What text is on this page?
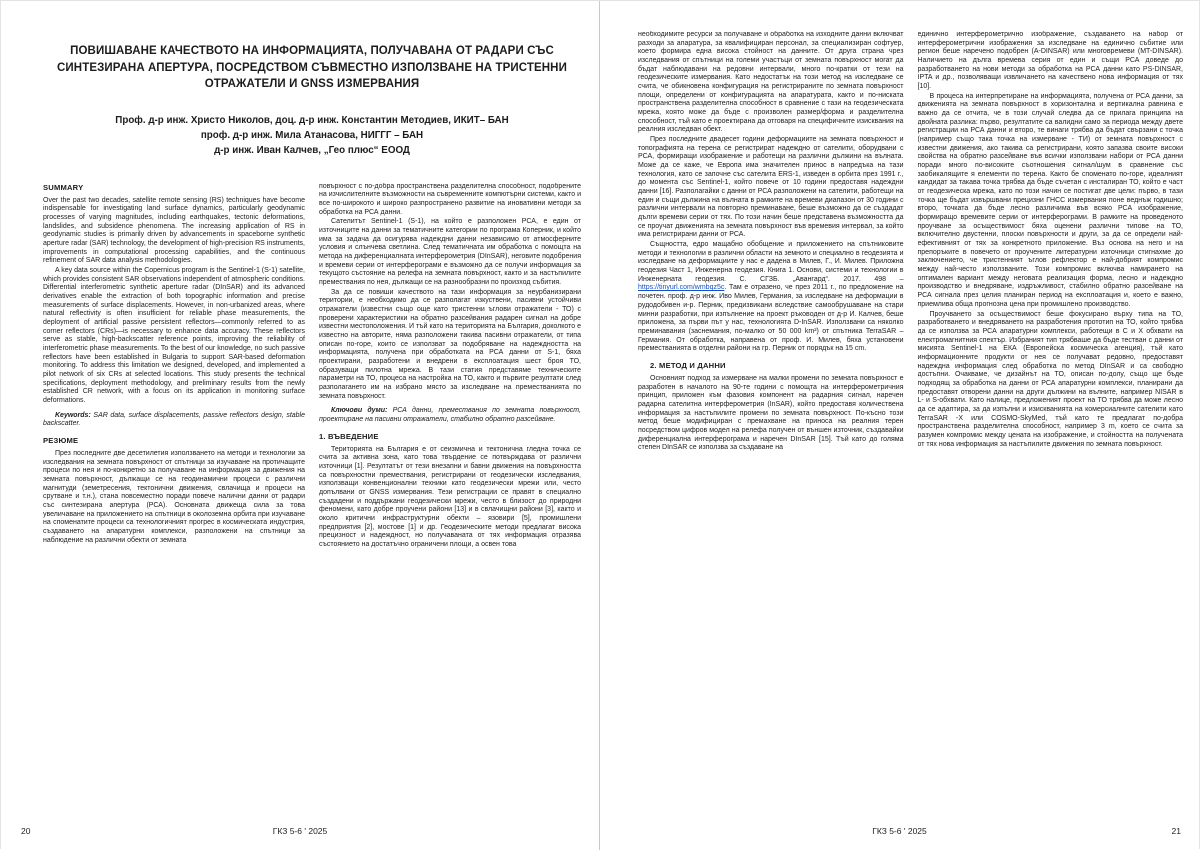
ПОВИШАВАНЕ КАЧЕСТВОТО НА ИНФОРМАЦИЯТА, ПОЛУЧАВАНА ОТ РАДАРИ СЪС СИНТЕЗИРАНА АПЕРТУРА, ПОСРЕДСТВОМ СЪВМЕСТНО ИЗПОЛЗВАНЕ НА ТРИСТЕННИ ОТРАЖАТЕЛИ И GNSS ИЗМЕРВАНИЯ
Проф. д-р инж. Христо Николов, доц. д-р инж. Константин Методиев, ИКИТ– БАН
проф. д-р инж. Мила Атанасова, НИГГГ – БАН
д-р инж. Иван Калчев, „Гео плюс“ ЕООД
SUMMARY

Over the past two decades, satellite remote sensing (RS) techniques have become indispensable for investigating land surface dynamics, particularly geodynamic processes of varying magnitudes, including earthquakes, tectonic deformations, landslides, and subsidence phenomena. The increasing application of RS in geodynamic studies is primarily driven by advancements in spaceborne synthetic aperture radar (SAR) technology, the development of high-precision RS instruments, improvements in computational processing capabilities, and the continuous refinement of SAR data analysis methodologies.

A key data source within the Copernicus program is the Sentinel-1 (S-1) satellite, which provides consistent SAR observations independent of atmospheric conditions. Differential interferometric synthetic aperture radar (DInSAR) and its advanced derivatives enable the extraction of both topographic information and precise measurements of surface displacements. However, in non-urbanized areas, where natural reflectivity is often insufficient for reliable phase measurements, the deployment of artificial passive persistent reflectors—commonly referred to as corner reflectors (CRs)—is necessary to enhance data accuracy. These reflectors serve as stable, high-backscatter reference points, improving the reliability of interferometric phase measurements. To the best of our knowledge, no such passive reflectors have been established in Bulgaria to support SAR-based deformation monitoring. To address this limitation we designed, developed, and implemented a pilot network of six CRs at selected locations. This study presents the technical specifications, deployment methodology, and preliminary results from the newly established CR network, with a focus on its application in monitoring surface deformations.

Keywords: SAR data, surface displacements, passive reflectors design, stable backscatter.

РЕЗЮМЕ

През последните две десетилетия използването на методи и технологии за изследвания на земната повърхност от спътници за изучаване на протичащите процеси по нея и по-конкретно за получаване на информация за движения на земната повърхност, дължащи се на геодинамични процеси с различни магнитуди (земетресения, тектонични движения, свлачища и процеси на срутване и т.н.), стана повсеместно поради повече налични данни от радари със синтезирана апертура (РСА). Основната движеща сила за това увеличаване на приложението на спътници в околоземна орбита при изучаване на споменатите процеси са технологичният прогрес в космическата индустрия, създаването на апаратурни комплекси, разположени на спътници за наблюдение на различни обекти от земната

повърхност с по-добра пространствена разделителна способност, подобрените на изчислителните възможности на съвременните компютърни системи, както и все по-широкото и широко разпространено развитие на иновативни методи за обработка на РСА данни.

Сателитът Sentinel-1 (S-1), на който е разположен РСА, е един от източниците на данни за тематичните категории по програма Коперник, и който има за задача да осигурява надеждни данни независимо от атмосферните условия и слънчева светлина. След тематичната им обработка с помощта на метода на диференциалната интерферометрия (DInSAR), неговите подобрения и времеви серии от интерферограми е възможно да се получи информация за текущото състояние на релефа на земната повърхност, както и за настъпилите премествания по нея, дължащи се на разнообразни по произход събития.

За да се повиши качеството на тази информация за неурбанизирани територии, е необходимо да се разполагат изкуствени, пасивни устойчиви отражатели (известни също още като тристенни ъглови отражатели - ТО) с проверени характеристики на обратно разсейвания радарен сигнал на добре известни местоположения. И тъй като на територията на България, доколкото е известно на авторите, няма разположени такива пасивни отражатели, от типа описан по-горе, които се използват за подобряване на надеждността на информацията, получена при обработката на РСА данни от S-1, бяха проектирани, разработени и внедрени в експлоатация шест броя ТО, образуващи пилотна мрежа. В тази статия представяме техническите параметри на ТО, процеса на настройка на ТО, както и първите резултати след разполагането им на избрано място за изследване на преместванията по земната повърхност.

Ключови думи: РСА данни, премествания по земната повърхност, проектиране на пасивни отражатели, стабилно обратно разсейване.

1. ВЪВЕДЕНИЕ

Територията на България е от сеизмична и тектонична гледна точка се счита за активна зона, като това твърдение се потвърждава от различни източници [1]. Резултатът от тези внезапни и бавни движения на повърхността са повърхностни премествания, регистрирани от геодезически изследвания, използващи конвенционални техники като геодезически мрежи или, често допълвани от GNSS измервания. Тези регистрации се правят в специално създадени и поддържани геодезически мрежи, често в близост до природни феномени, като добре проучени райони [13] и в свлачищни райони [3], както и около критични инфраструктурни обекти – язовири [5], промишлени предприятия [2], мостове [1] и др. Геодезическите методи предлагат висока прецизност и надеждност, но получаваната от тях информация отразява състоянието на достатъчно ограничени площи, а освен това

20	ГКЗ 5-6 ' 2025

необходимите ресурси за получаване и обработка на изходните данни включват разходи за апаратура, за квалифициран персонал, за специализиран софтуер, което формира една висока стойност на данните. От друга страна чрез изследвания от спътници на големи участъци от земната повърхност могат да бъдат наблюдавани на редовни интервали, много по-кратки от тези на геодезическите измервания. Като недостатък на този метод на изследване се счита, че обикновена конфигурация на регистрираните по земната повърхност площи, определени от конфигурацията на апаратурата, както и по-ниската пространствена разделителна способност в сравнение с тази на геодезическата мрежа, която може да бъде с произволен размер/форма и разделителна способност, тъй като е проектирана да отговаря на специфичните изисквания на реалния изследван обект.

През последните двадесет години деформациите на земната повърхност и топографията на терена се регистрират надеждно от сателити, оборудвани с РСА, формиращи изображение и работещи на различни дължини на вълната. Може да се каже, че Европа има значителен принос в напредъка на тази технология, като се започне със сателита ERS-1, изведен в орбита през 1991 г., до момента със Sentinel-1, който повече от 10 години предоставя надеждни данни [16]. Разполагайки с данни от РСА разположени на сателити, работещи на един и същи дължина на вълната в рамките на времеви диапазон от 30 години с различни интервали на повторно преминаване, беше възможно да се създадат дълги времеви серии от тях. По този начин беше представена възможността да се проучат движенията на земната повърхност във времевия интервал, за който има регистрирани данни от РСА.

Същността, едро мащабно обобщение и приложението на спътниковите методи и технологии в различни области на земното и специално в геодезията и изследване на деформациите у нас е дадена в Милев, Г., И. Милев. Приложна геодезия Част 1, Инженерна геодезия. Книга 1. Основи, системи и технологии в Инженерната геодезия. С. СГЗБ. „Авангард“. 2017. 498 – https://tinyurl.com/wmbqz5c. Там е отразено, че през 2011 г., по предложение на почетен. проф. д-р инж. Иво Милев, Германия, за изследване на деформации в рудодобивен и-р. Перник, предизвикани вследствие самообрушаване на стари минни разработки, при изпълнение на проект ръководен от д-р И. Калчев, беше приложена, за първи път у нас, технологията D-InSAR. Използвани са няколко преминавания (заснемания, по-малко от 50 000 km²) от спътника TerraSAR – Германия. От обработка, направена от проф. И. Милев, бяха установени преместванията в отделни райони на гр. Перник от порядък на 15 cm.

2. МЕТОД И ДАННИ

Основният подход за измерване на малки промени по земната повърхност е разработен в началото на 90-те години с помощта на интерферометричния принцип, приложен към фазовия компонент на радарния сигнал, наречен радарна сателитна интерферометрия (InSAR), който предоставя количествена информация за настъпилите промени по земната повърхност. По-късно този метод беше модифициран с премахване на приноса на реалния терен посредством цифров модел на релефа получен от външен източник, създавайки диференциална интерферограма и наречен DInSAR [15]. Тъй като до голяма степен DInSAR се използва за създаване на

единично интерферометрично изображение, създаването на набор от интерферометрични изображения за изследване на единично събитие или регион беше наречено подобрен (A-DINSAR) или многовремеви (MT-DINSAR). Наличието на дълга времева серия от един и същи РСА доведе до разработването на нови методи за обработка на РСА данни като PS-DINSAR, IPTA и др., позволяващи извличането на качествено нова информация от тях [10].

В процеса на интерпретиране на информацията, получена от РСА данни, за движенията на земната повърхност в хоризонтална и вертикална равнина е важно да се отчита, че в този случай следва да се прилага принципа на двойната разлика: първо, резултатите са валидни само за периода между двете регистрации на РСА данни и второ, те винаги трябва да бъдат свързани с точка (например също така точка на измерване - ТИ) от земната повърхност с известни движения, ако такива са регистрирани, която запазва своите високи свойства на обратно разсейване във всички използвани набори от РСА данни поради много по-високите съотношения сигнал/шум в сравнение със заобикалящите я елементи по терена. Както бе споменато по-горе, идеалният кандидат за такава точка трябва да бъде съчетан с инсталиран ТО, който е част от геодезическа мрежа, като по този начин се постигат две цели: първо, в тази точка ще бъдат извършвани прецизни ГНСС измервания поне веднъж годишно; второ, точката да бъде лесно различима във всяко РСА изображение, формиращо времевите серии от интерферограми. В рамките на проведеното проучване за осъществимост бяха оценени различни типове на ТО, включително двустенни, плоски повърхности и други, за да се определи най-ефективният от тях за конкретното приложение. Въз основа на него и на препоръките в повечето от проучените литературни източници стигнахме до заключението, че тристенният ъглов рефлектор е най-добрият компромис между най-често използваните. Този компромис включва намирането на оптимален вариант между неговата реализация форма, лесно и надеждно производство и внедряване, издръжливост, стабилно обратно разсейване на РСА сигнала през целия планиран период на експлоатация и, което е важно, приемлива обща прогнозна цена при промишлено производство.

Проучването за осъществимост беше фокусирано върху типа на ТО, разработването и внедряването на разработения прототип на ТО, който трябва да се използва за РСА апаратурни комплекси, работещи в C и X обхвати на електромагнитния спектър. Избраният тип трябваше да бъде тестван с данни от мисията Sentinel-1 на ЕКА (Европейска космическа агенция), тъй като информационните продукти от нея се получават редовно, предоставят надеждна информация след обработка по метод DInSAR и са свободно достъпни. Очакваме, че дизайнът на ТО, описан по-долу, също ще бъде подходящ за обработка на данни от РСА апаратурни комплекси, планирани да предоставят отворени данни на други дължини на вълните, например NISAR в L- и S-обхвати. Като налице, предложеният проект на ТО трябва да може лесно да се адаптира, за да изпълни и изискванията на комерсиалните сателити като TerraSAR -X или COSMO-SkyMed, тъй като те предлагат по-добра пространствена разделителна способност, например 3 m, което се счита за разумен компромис между цената на изображение, и стойността на получената от тях нова информация за настъпилите движения по земната повърхност.

ГКЗ 5-6 ' 2025	21
